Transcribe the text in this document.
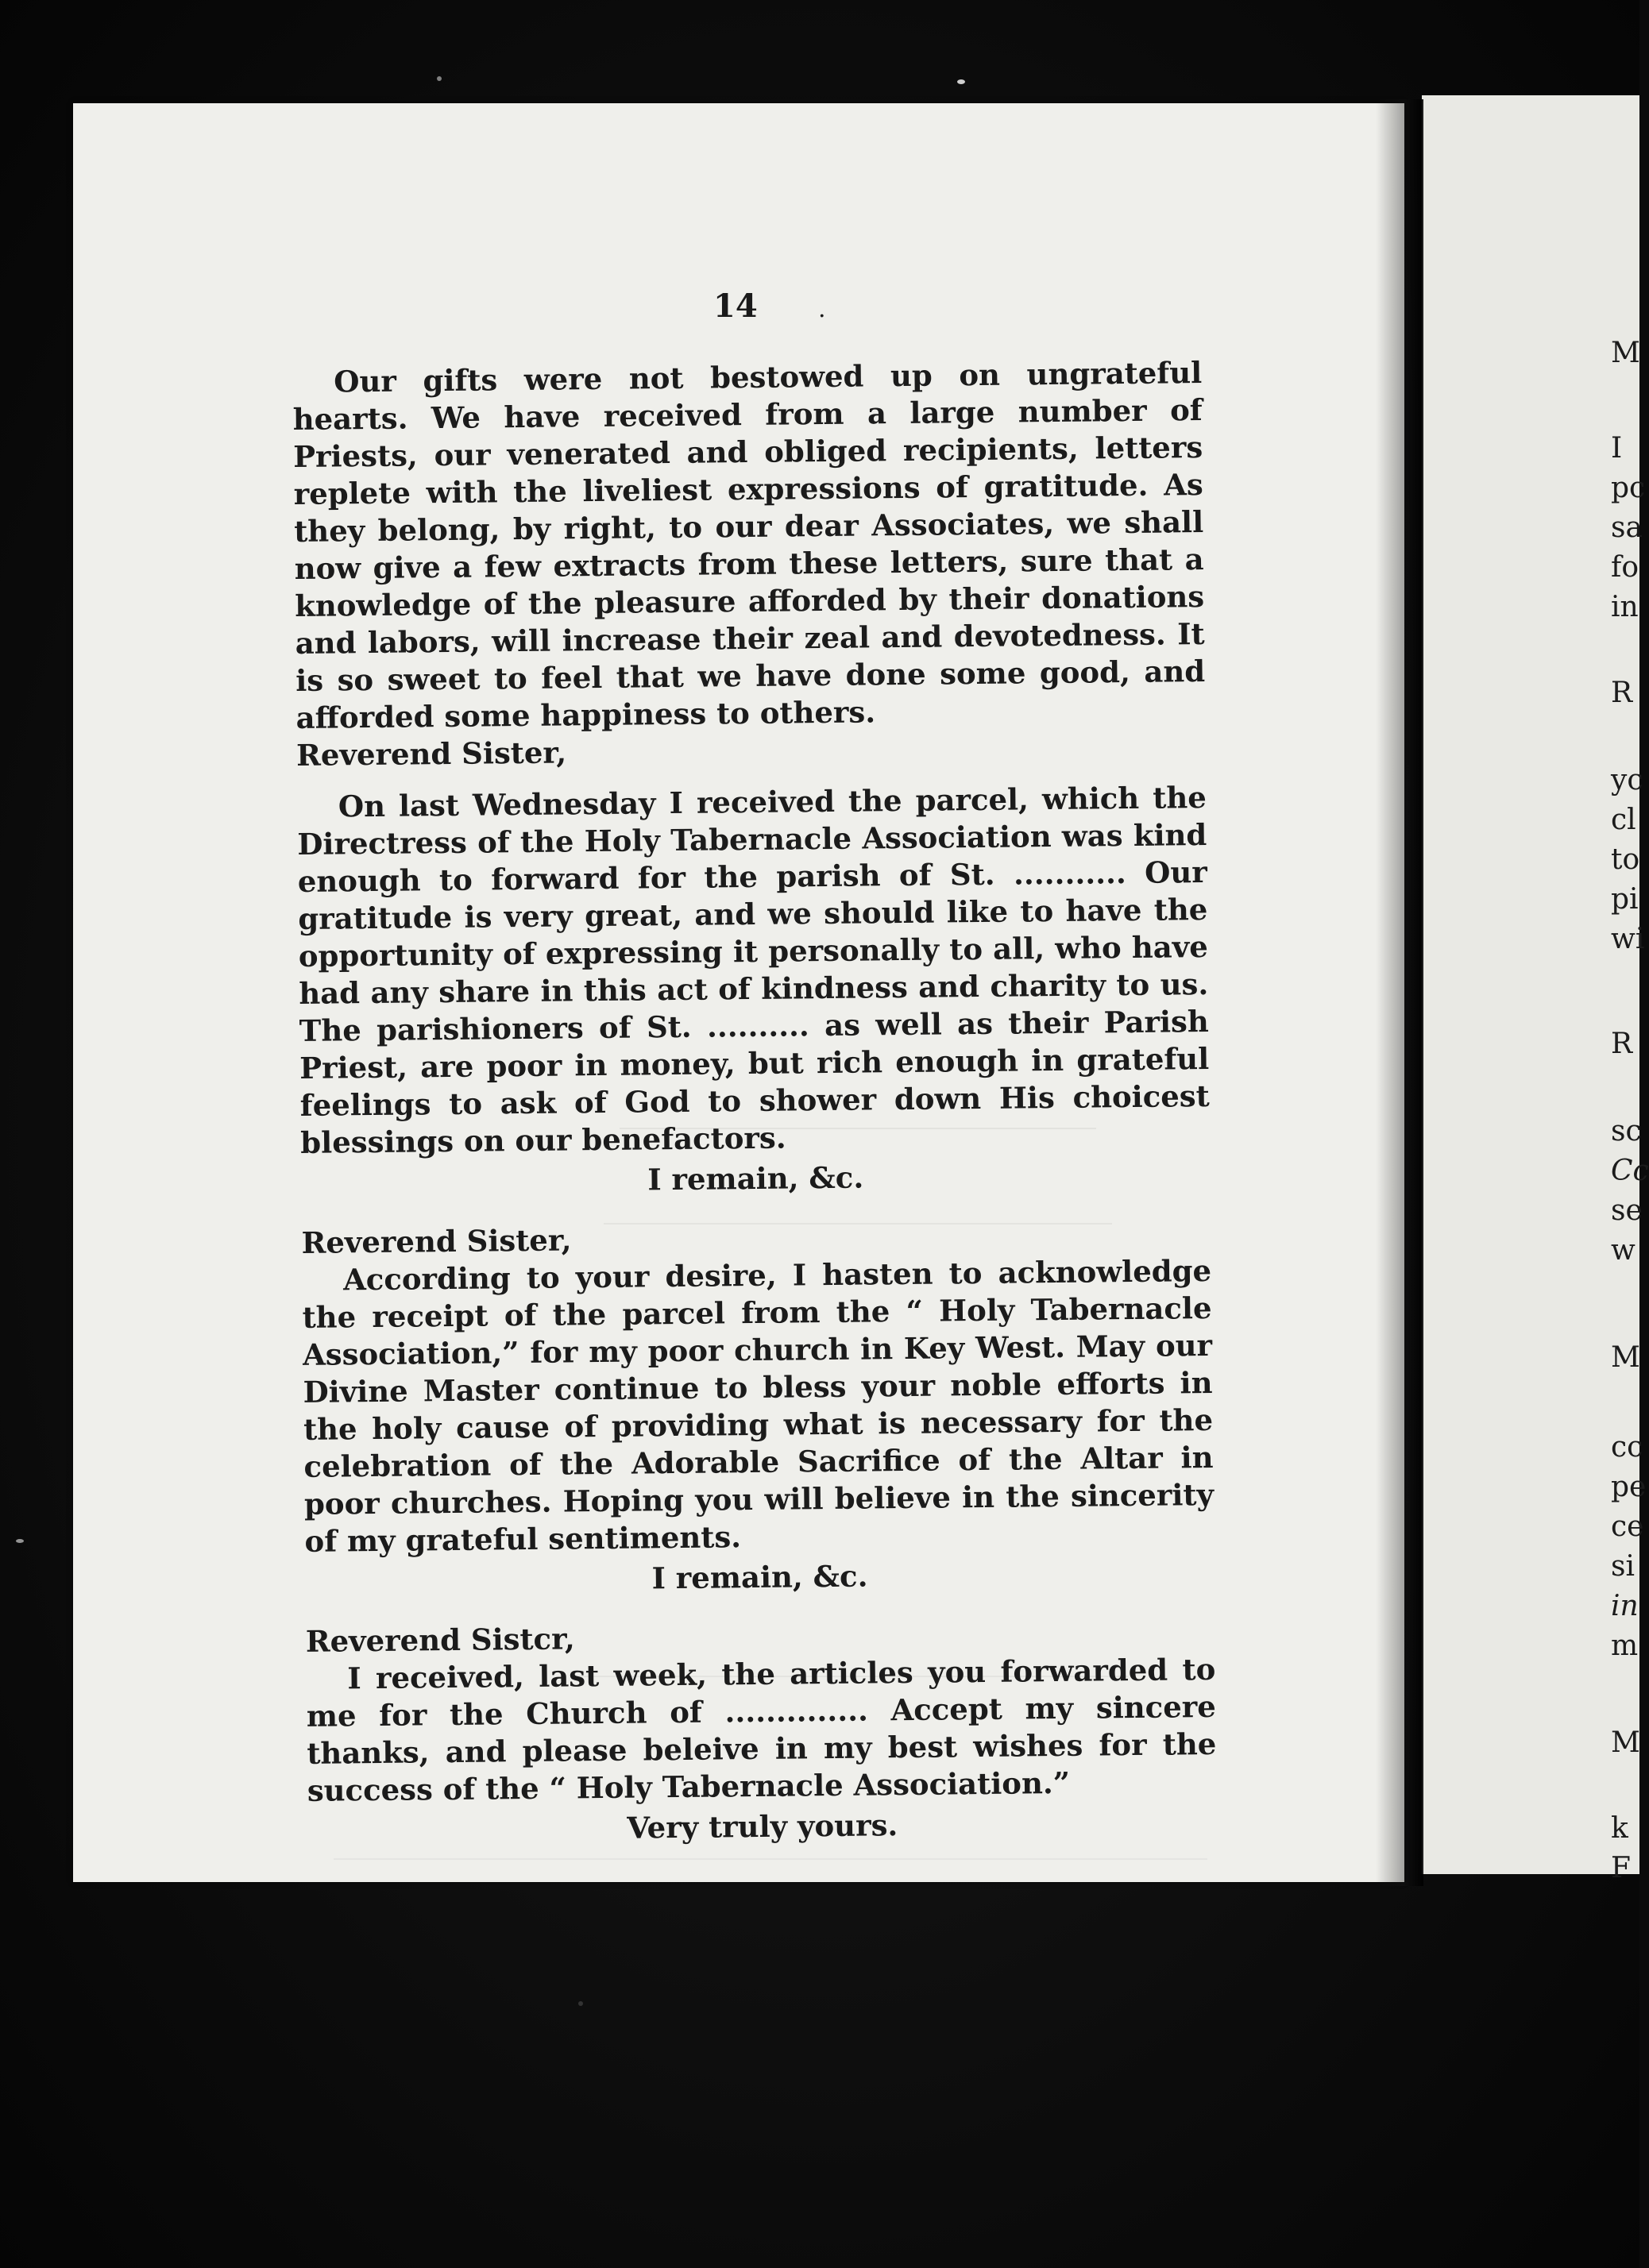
14	.

Our gifts were not bestowed up on ungrateful hearts. We have received from a large number of Priests, our venerated and obliged recipients, letters replete with the liveliest expressions of gratitude. As they belong, by right, to our dear Associates, we shall now give a few extracts from these letters, sure that a knowledge of the pleasure afforded by their donations and labors, will increase their zeal and devotedness. It is so sweet to feel that we have done some good, and afforded some happiness to others.

Reverend Sister,

On last Wednesday I received the parcel, which the Directress of the Holy Tabernacle Association was kind enough to forward for the parish of St. ........... Our gratitude is very great, and we should like to have the opportunity of expressing it personally to all, who have had any share in this act of kindness and charity to us. The parishioners of St. .......... as well as their Parish Priest, are poor in money, but rich enough in grateful feelings to ask of God to shower down His choicest blessings on our benefactors.

I remain, &c.

Reverend Sister,

According to your desire, I hasten to acknowledge the receipt of the parcel from the “ Holy Tabernacle Association,” for my poor church in Key West. May our Divine Master continue to bless your noble efforts in the holy cause of providing what is necessary for the celebration of the Adorable Sacrifice of the Altar in poor churches. Hoping you will believe in the sincerity of my grateful sentiments.

I remain, &c.

Reverend Sistcr,

I received, last week, the articles you forwarded to me for the Church of .............. Accept my sincere thanks, and please beleive in my best wishes for the success of the “ Holy Tabernacle Association.”

Very truly yours.

M
I
pc
sa
fo
in
R
yc
cl
to
pi
wi
R
sc
Cc
se
w
M
cc
pe
ce
si
in
m
M
k
F
